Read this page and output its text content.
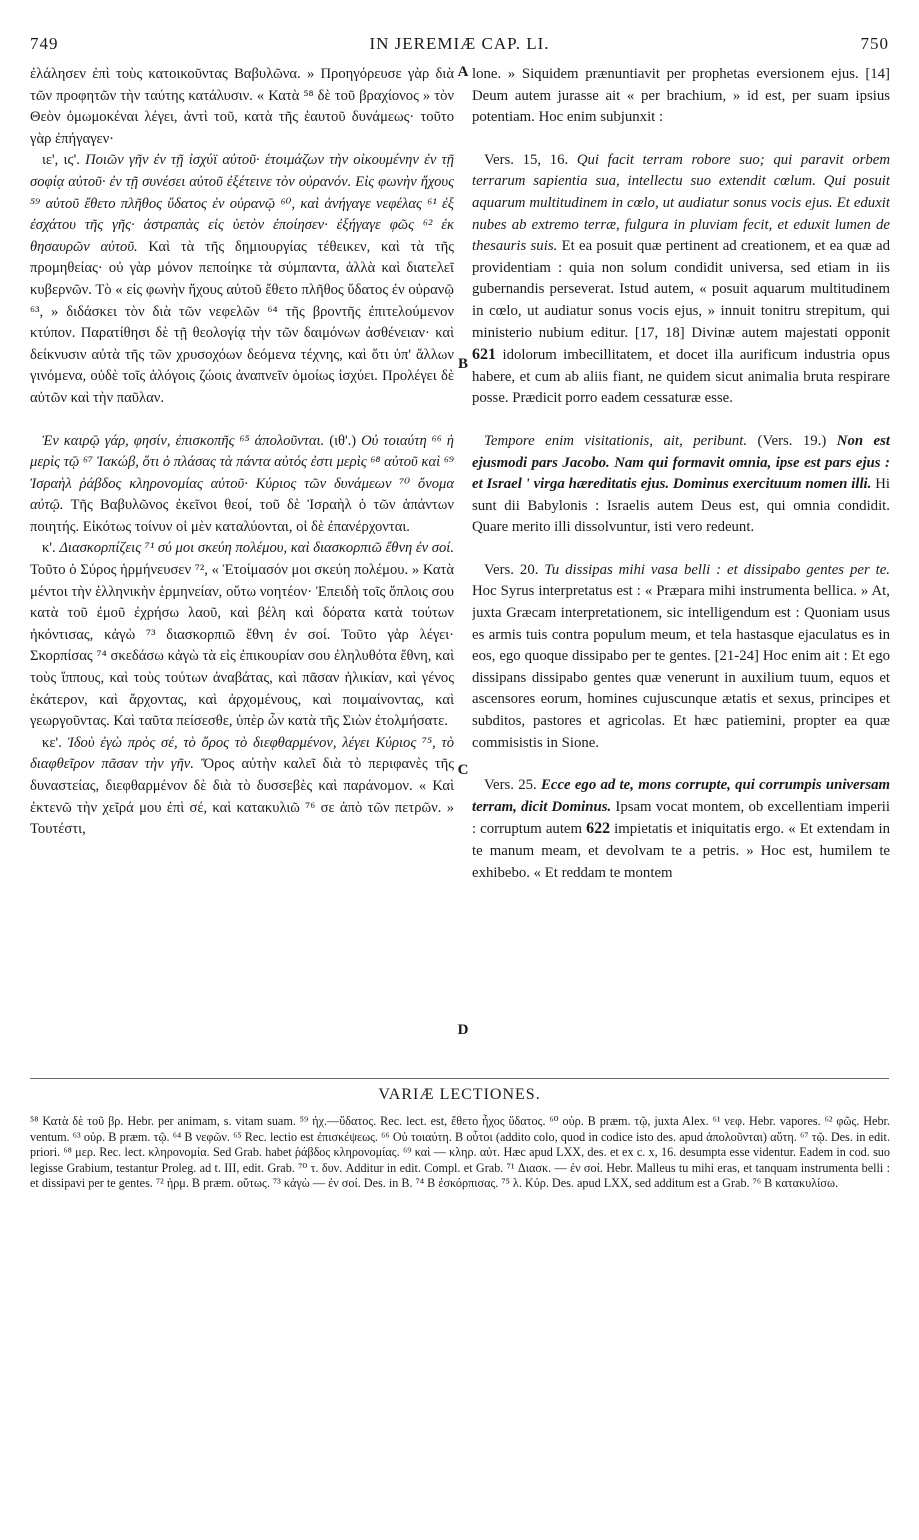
749	IN JEREMIÆ CAP. LI.	750
A
B
C
D

ἐλάλησεν ἐπὶ τοὺς κατοικοῦντας Βαβυλῶνα. » Προηγόρευσε γὰρ διὰ τῶν προφητῶν τὴν ταύτης κατάλυσιν. « Κατὰ ⁵⁸ δὲ τοῦ βραχίονος » τὸν Θεὸν ὀμωμοκέναι λέγει, ἀντὶ τοῦ, κατὰ τῆς ἑαυτοῦ δυνάμεως· τοῦτο γὰρ ἐπήγαγεν·

ιε', ιϛ'. Ποιῶν γῆν ἐν τῇ ἰσχύϊ αὐτοῦ· ἑτοιμάζων τὴν οἰκουμένην ἐν τῇ σοφίᾳ αὐτοῦ· ἐν τῇ συνέσει αὐτοῦ ἐξέτεινε τὸν οὐρανόν. Εἰς φωνὴν ἤχους ⁵⁹ αὐτοῦ ἔθετο πλῆθος ὕδατος ἐν οὐρανῷ ⁶⁰, καὶ ἀνήγαγε νεφέλας ⁶¹ ἐξ ἐσχάτου τῆς γῆς· ἀστραπὰς εἰς ὑετὸν ἐποίησεν· ἐξήγαγε φῶς ⁶² ἐκ θησαυρῶν αὐτοῦ. Καὶ τὰ τῆς δημιουργίας τέθεικεν, καὶ τὰ τῆς προμηθείας· οὐ γὰρ μόνον πεποίηκε τὰ σύμπαντα, ἀλλὰ καὶ διατελεῖ κυβερνῶν. Τὸ « εἰς φωνὴν ἤχους αὐτοῦ ἔθετο πλῆθος ὕδατος ἐν οὐρανῷ ⁶³, » διδάσκει τὸν διὰ τῶν νεφελῶν ⁶⁴ τῆς βροντῆς ἐπιτελούμενον κτύπον. Παρατίθησι δὲ τῇ θεολογίᾳ τὴν τῶν δαιμόνων ἀσθένειαν· καὶ δείκνυσιν αὐτὰ τῆς τῶν χρυσοχόων δεόμενα τέχνης, καὶ ὅτι ὑπ' ἄλλων γινόμενα, οὐδὲ τοῖς ἀλόγοις ζώοις ἀναπνεῖν ὁμοίως ἰσχύει. Προλέγει δὲ αὐτῶν καὶ τὴν παῦλαν.

Ἐν καιρῷ γάρ, φησίν, ἐπισκοπῆς ⁶⁵ ἀπολοῦνται. (ιθ'.) Οὐ τοιαύτη ⁶⁶ ἡ μερὶς τῷ ⁶⁷ Ἰακώβ, ὅτι ὁ πλάσας τὰ πάντα αὐτός ἐστι μερὶς ⁶⁸ αὐτοῦ καὶ ⁶⁹ Ἰσραὴλ ῥάβδος κληρονομίας αὐτοῦ· Κύριος τῶν δυνάμεων ⁷⁰ ὄνομα αὐτῷ. Τῆς Βαβυλῶνος ἐκεῖνοι θεοί, τοῦ δὲ Ἰσραὴλ ὁ τῶν ἁπάντων ποιητής. Εἰκότως τοίνυν οἱ μὲν καταλύονται, οἱ δὲ ἐπανέρχονται.

κ'. Διασκορπίζεις ⁷¹ σύ μοι σκεύη πολέμου, καὶ διασκορπιῶ ἔθνη ἐν σοί. Τοῦτο ὁ Σύρος ἡρμήνευσεν ⁷², « Ἑτοίμασόν μοι σκεύη πολέμου. » Κατὰ μέντοι τὴν ἑλληνικὴν ἑρμηνείαν, οὕτω νοητέον· Ἐπειδὴ τοῖς ὅπλοις σου κατὰ τοῦ ἐμοῦ ἐχρήσω λαοῦ, καὶ βέλη καὶ δόρατα κατὰ τούτων ἠκόντισας, κἀγὼ ⁷³ διασκορπιῶ ἔθνη ἐν σοί. Τοῦτο γὰρ λέγει· Σκορπίσας ⁷⁴ σκεδάσω κἀγὼ τὰ εἰς ἐπικουρίαν σου ἐληλυθότα ἔθνη, καὶ τοὺς ἵππους, καὶ τοὺς τούτων ἀναβάτας, καὶ πᾶσαν ἡλικίαν, καὶ γένος ἑκάτερον, καὶ ἄρχοντας, καὶ ἀρχομένους, καὶ ποιμαίνοντας, καὶ γεωργοῦντας. Καὶ ταῦτα πείσεσθε, ὑπὲρ ὧν κατὰ τῆς Σιὼν ἐτολμήσατε.

κε'. Ἰδοὺ ἐγὼ πρὸς σέ, τὸ ὄρος τὸ διεφθαρμένον, λέγει Κύριος ⁷⁵, τὸ διαφθεῖρον πᾶσαν τὴν γῆν. Ὄρος αὐτὴν καλεῖ διὰ τὸ περιφανὲς τῆς δυναστείας, διεφθαρμένον δὲ διὰ τὸ δυσσεβὲς καὶ παράνομον. « Καὶ ἐκτενῶ τὴν χεῖρά μου ἐπὶ σέ, καὶ κατακυλιῶ ⁷⁶ σε ἀπὸ τῶν πετρῶν. » Τουτέστι,

lone. » Siquidem prænuntiavit per prophetas eversionem ejus. [14] Deum autem jurasse ait « per brachium, » id est, per suam ipsius potentiam. Hoc enim subjunxit :

Vers. 15, 16. Qui facit terram robore suo; qui paravit orbem terrarum sapientia sua, intellectu suo extendit cœlum. Qui posuit aquarum multitudinem in cœlo, ut audiatur sonus vocis ejus. Et eduxit nubes ab extremo terræ, fulgura in pluviam fecit, et eduxit lumen de thesauris suis. Et ea posuit quæ pertinent ad creationem, et ea quæ ad providentiam : quia non solum condidit universa, sed etiam in iis gubernandis perseverat. Istud autem, « posuit aquarum multitudinem in cœlo, ut audiatur sonus vocis ejus, » innuit tonitru strepitum, qui ministerio nubium editur. [17, 18] Divinæ autem majestati opponit 621 idolorum imbecillitatem, et docet illa aurificum industria opus habere, et cum ab aliis fiant, ne quidem sicut animalia bruta respirare posse. Prædicit porro eadem cessaturæ esse.

Tempore enim visitationis, ait, peribunt. (Vers. 19.) Non est ejusmodi pars Jacobo. Nam qui formavit omnia, ipse est pars ejus : et Israel ' virga hæreditatis ejus. Dominus exercituum nomen illi. Hi sunt dii Babylonis : Israelis autem Deus est, qui omnia condidit. Quare merito illi dissolvuntur, isti vero redeunt.

Vers. 20. Tu dissipas mihi vasa belli : et dissipabo gentes per te. Hoc Syrus interpretatus est : « Præpara mihi instrumenta bellica. » At, juxta Græcam interpretationem, sic intelligendum est : Quoniam usus es armis tuis contra populum meum, et tela hastasque ejaculatus es in eos, ego quoque dissipabo per te gentes. [21-24] Hoc enim ait : Et ego dissipans dissipabo gentes quæ venerunt in auxilium tuum, equos et ascensores eorum, homines cujuscunque ætatis et sexus, principes et subditos, pastores et agricolas. Et hæc patiemini, propter ea quæ commisistis in Sione.

Vers. 25. Ecce ego ad te, mons corrupte, qui corrumpis universam terram, dicit Dominus. Ipsam vocat montem, ob excellentiam imperii : corruptum autem 622 impietatis et iniquitatis ergo. « Et extendam in te manum meam, et devolvam te a petris. » Hoc est, humilem te exhibebo. « Et reddam te montem

VARIÆ LECTIONES.
⁵⁸ Κατὰ δὲ τοῦ βρ. Hebr. per animam, s. vitam suam. ⁵⁹ ἠχ.—ὕδατος. Rec. lect. est, ἔθετο ἦχος ὕδατος. ⁶⁰ οὐρ. B præm. τῷ, juxta Alex. ⁶¹ νεφ. Hebr. vapores. ⁶² φῶς. Hebr. ventum. ⁶³ οὐρ. B præm. τῷ. ⁶⁴ B νεφῶν. ⁶⁵ Rec. lectio est ἐπισκέψεως. ⁶⁶ Οὐ τοιαύτη. B οὗτοι (addito colo, quod in codice isto des. apud ἀπολοῦνται) αὕτη. ⁶⁷ τῷ. Des. in edit. priori. ⁶⁸ μερ. Rec. lect. κληρονομία. Sed Grab. habet ῥάβδος κληρονομίας. ⁶⁹ καὶ — κληρ. αὐτ. Hæc apud LXX, des. et ex c. x, 16. desumpta esse videntur. Eadem in cod. suo legisse Grabium, testantur Proleg. ad t. III, edit. Grab. ⁷⁰ τ. δυν. Additur in edit. Compl. et Grab. ⁷¹ Διασκ. — ἐν σοί. Hebr. Malleus tu mihi eras, et tanquam instrumenta belli : et dissipavi per te gentes. ⁷² ἡρμ. B præm. οὕτως. ⁷³ κἀγὼ — ἐν σοί. Des. in B. ⁷⁴ B ἐσκόρπισας. ⁷⁵ λ. Κύρ. Des. apud LXX, sed additum est a Grab. ⁷⁶ B κατακυλίσω.
